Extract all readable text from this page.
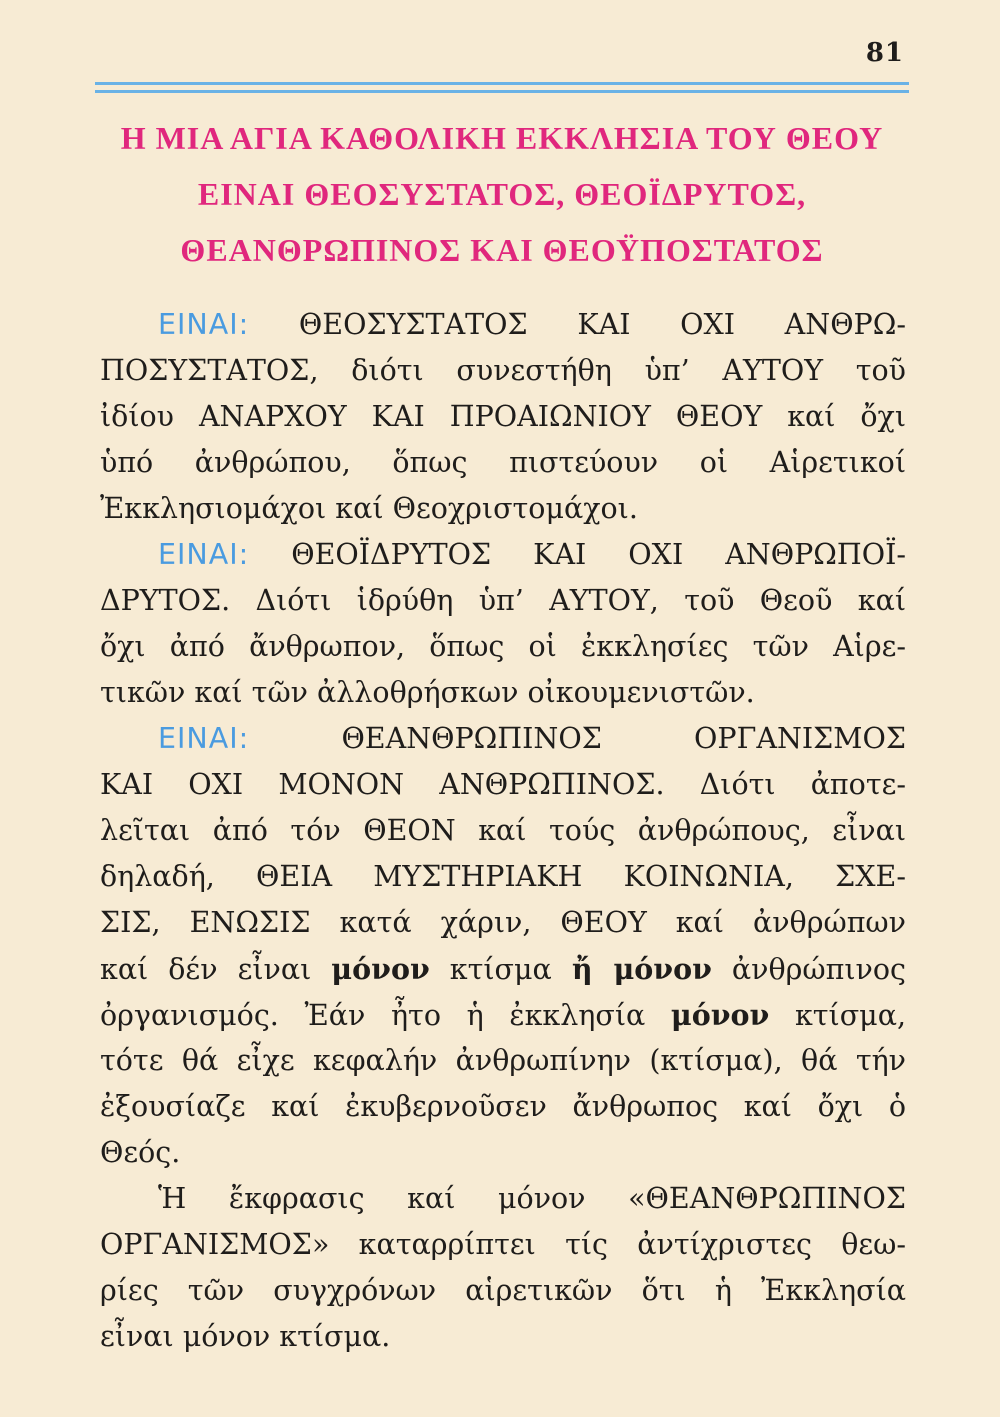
81
Η ΜΙΑ ΑΓΙΑ ΚΑΘΟΛΙΚΗ ΕΚΚΛΗΣΙΑ ΤΟΥ ΘΕΟΥ
ΕΙΝΑΙ ΘΕΟΣΥΣΤΑΤΟΣ, ΘΕΟΪΔΡΥΤΟΣ,
ΘΕΑΝΘΡΩΠΙΝΟΣ ΚΑΙ ΘΕΟΫΠΟΣΤΑΤΟΣ
ΕΙΝΑΙ: ΘΕΟΣΥΣΤΑΤΟΣ ΚΑΙ ΟΧΙ ΑΝΘΡΩ-
ΠΟΣΥΣΤΑΤΟΣ, διότι συνεστήθη ὑπ’ ΑΥΤΟΥ τοῦ
ἰδίου ΑΝΑΡΧΟΥ ΚΑΙ ΠΡΟΑΙΩΝΙΟΥ ΘΕΟΥ καί ὄχι
ὑπό ἀνθρώπου, ὅπως πιστεύουν οἱ Αἱρετικοί
Ἐκκλησιομάχοι καί Θεοχριστομάχοι.
ΕΙΝΑΙ: ΘΕΟΪΔΡΥΤΟΣ ΚΑΙ ΟΧΙ ΑΝΘΡΩΠΟΪ-
ΔΡΥΤΟΣ. Διότι ἱδρύθη ὑπ’ ΑΥΤΟΥ, τοῦ Θεοῦ καί
ὄχι ἀπό ἄνθρωπον, ὅπως οἱ ἐκκλησίες τῶν Αἱρε-
τικῶν καί τῶν ἀλλοθρήσκων οἰκουμενιστῶν.
ΕΙΝΑΙ:	ΘΕΑΝΘΡΩΠΙΝΟΣ ΟΡΓΑΝΙΣΜΟΣ
ΚΑΙ ΟΧΙ ΜΟΝΟΝ ΑΝΘΡΩΠΙΝΟΣ. Διότι ἀποτε-
λεῖται ἀπό τόν ΘΕΟΝ καί τούς ἀνθρώπους, εἶναι
δηλαδή, ΘΕΙΑ ΜΥΣΤΗΡΙΑΚΗ ΚΟΙΝΩΝΙΑ, ΣΧΕ-
ΣΙΣ, ΕΝΩΣΙΣ κατά χάριν, ΘΕΟΥ καί ἀνθρώπων
καί δέν εἶναι μόνον κτίσμα ἤ μόνον ἀνθρώπινος
ὀργανισμός. Ἐάν ἦτο ἡ ἐκκλησία μόνον κτίσμα,
τότε θά εἶχε κεφαλήν ἀνθρωπίνην (κτίσμα), θά τήν
ἐξουσίαζε καί ἐκυβερνοῦσεν ἄνθρωπος καί ὄχι ὁ
Θεός.
Ἡ ἔκφρασις καί μόνον «ΘΕΑΝΘΡΩΠΙΝΟΣ
ΟΡΓΑΝΙΣΜΟΣ» καταρρίπτει τίς ἀντίχριστες θεω-
ρίες τῶν συγχρόνων αἱρετικῶν ὅτι ἡ Ἐκκλησία
εἶναι μόνον κτίσμα.
